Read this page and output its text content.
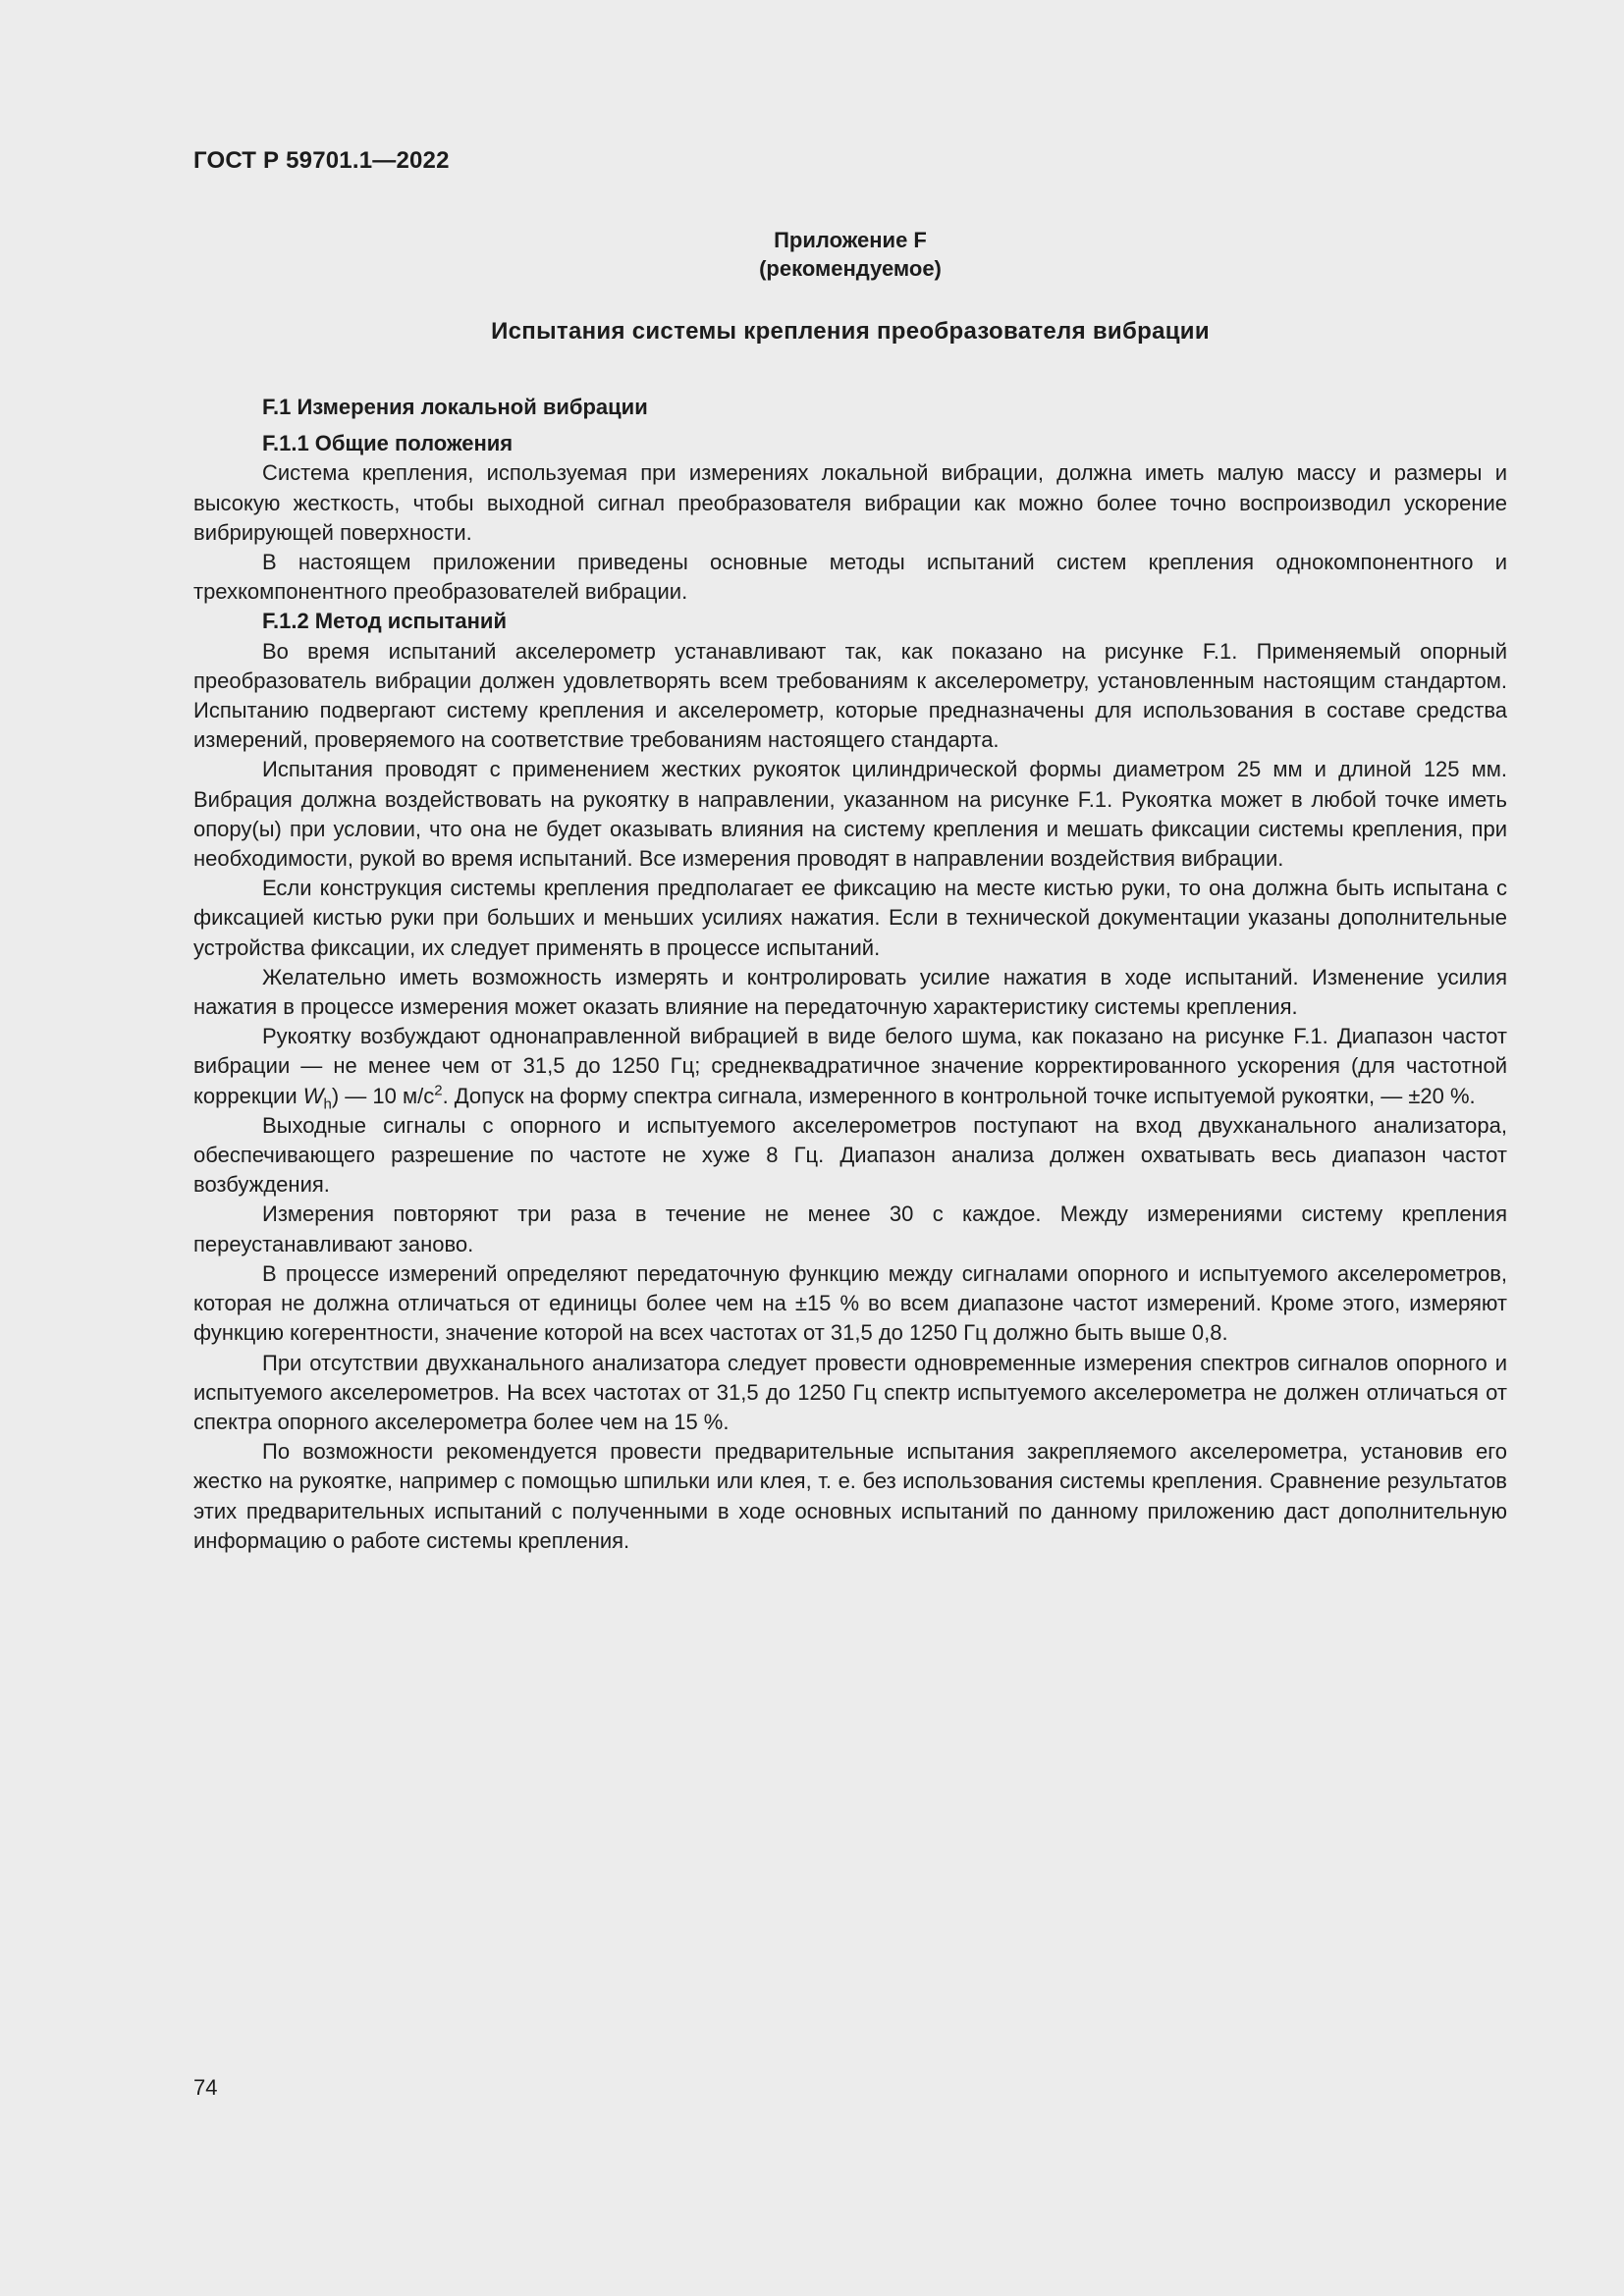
ГОСТ Р 59701.1—2022
Приложение F
(рекомендуемое)
Испытания системы крепления преобразователя вибрации
F.1 Измерения локальной вибрации
F.1.1 Общие положения

Система крепления, используемая при измерениях локальной вибрации, должна иметь малую массу и размеры и высокую жесткость, чтобы выходной сигнал преобразователя вибрации как можно более точно воспроизводил ускорение вибрирующей поверхности.

В настоящем приложении приведены основные методы испытаний систем крепления однокомпонентного и трехкомпонентного преобразователей вибрации.

F.1.2 Метод испытаний

Во время испытаний акселерометр устанавливают так, как показано на рисунке F.1. Применяемый опорный преобразователь вибрации должен удовлетворять всем требованиям к акселерометру, установленным настоящим стандартом. Испытанию подвергают систему крепления и акселерометр, которые предназначены для использования в составе средства измерений, проверяемого на соответствие требованиям настоящего стандарта.

Испытания проводят с применением жестких рукояток цилиндрической формы диаметром 25 мм и длиной 125 мм. Вибрация должна воздействовать на рукоятку в направлении, указанном на рисунке F.1. Рукоятка может в любой точке иметь опору(ы) при условии, что она не будет оказывать влияния на систему крепления и мешать фиксации системы крепления, при необходимости, рукой во время испытаний. Все измерения проводят в направлении воздействия вибрации.

Если конструкция системы крепления предполагает ее фиксацию на месте кистью руки, то она должна быть испытана с фиксацией кистью руки при больших и меньших усилиях нажатия. Если в технической документации указаны дополнительные устройства фиксации, их следует применять в процессе испытаний.

Желательно иметь возможность измерять и контролировать усилие нажатия в ходе испытаний. Изменение усилия нажатия в процессе измерения может оказать влияние на передаточную характеристику системы крепления.

Рукоятку возбуждают однонаправленной вибрацией в виде белого шума, как показано на рисунке F.1. Диапазон частот вибрации — не менее чем от 31,5 до 1250 Гц; среднеквадратичное значение корректированного ускорения (для частотной коррекции $W_h$) — 10 $м/с^2$. Допуск на форму спектра сигнала, измеренного в контрольной точке испытуемой рукоятки, — ±20 %.

Выходные сигналы с опорного и испытуемого акселерометров поступают на вход двухканального анализатора, обеспечивающего разрешение по частоте не хуже 8 Гц. Диапазон анализа должен охватывать весь диапазон частот возбуждения.

Измерения повторяют три раза в течение не менее 30 с каждое. Между измерениями систему крепления переустанавливают заново.

В процессе измерений определяют передаточную функцию между сигналами опорного и испытуемого акселерометров, которая не должна отличаться от единицы более чем на ±15 % во всем диапазоне частот измерений. Кроме этого, измеряют функцию когерентности, значение которой на всех частотах от 31,5 до 1250 Гц должно быть выше 0,8.

При отсутствии двухканального анализатора следует провести одновременные измерения спектров сигналов опорного и испытуемого акселерометров. На всех частотах от 31,5 до 1250 Гц спектр испытуемого акселерометра не должен отличаться от спектра опорного акселерометра более чем на 15 %.

По возможности рекомендуется провести предварительные испытания закрепляемого акселерометра, установив его жестко на рукоятке, например с помощью шпильки или клея, т. е. без использования системы крепления. Сравнение результатов этих предварительных испытаний с полученными в ходе основных испытаний по данному приложению даст дополнительную информацию о работе системы крепления.

74
